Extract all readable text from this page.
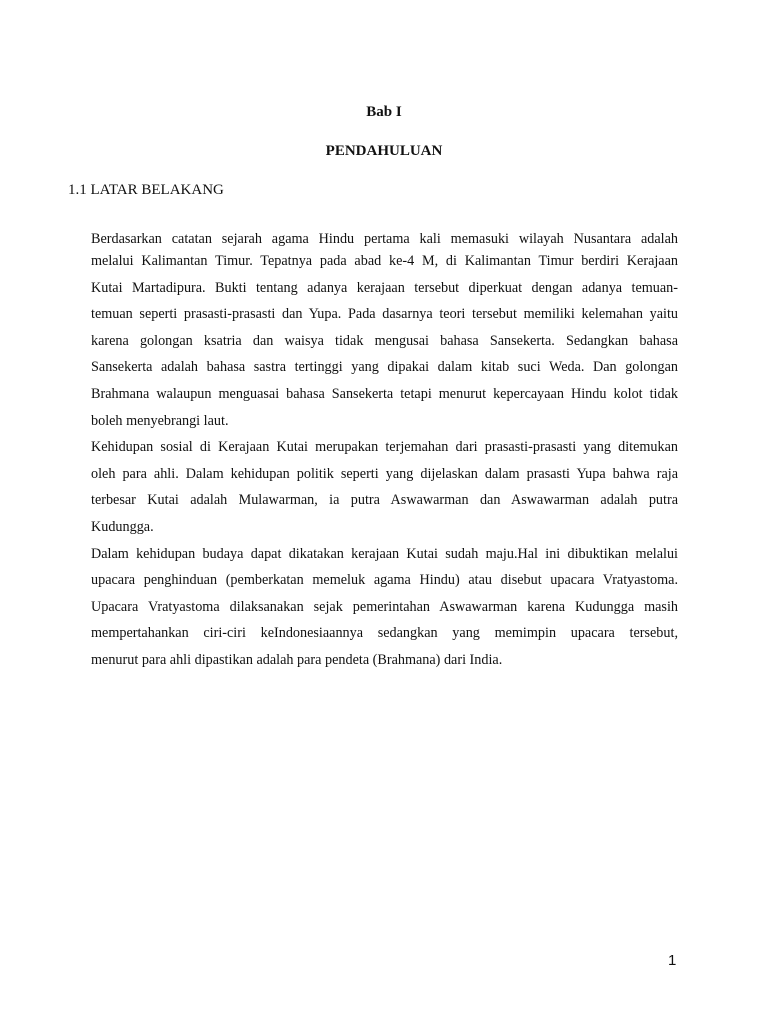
Bab I
PENDAHULUAN
1.1 LATAR BELAKANG
Berdasarkan catatan sejarah agama Hindu pertama kali memasuki wilayah Nusantara adalah
melalui Kalimantan Timur. Tepatnya pada abad ke-4 M, di Kalimantan Timur berdiri Kerajaan
Kutai Martadipura. Bukti tentang adanya kerajaan tersebut diperkuat dengan adanya temuan-
temuan seperti prasasti-prasasti dan Yupa. Pada dasarnya teori tersebut memiliki kelemahan yaitu
karena golongan ksatria dan waisya tidak mengusai bahasa Sansekerta. Sedangkan bahasa
Sansekerta adalah bahasa sastra tertinggi yang dipakai dalam kitab suci Weda. Dan golongan
Brahmana walaupun menguasai bahasa Sansekerta tetapi menurut kepercayaan Hindu kolot tidak
boleh menyebrangi laut.
Kehidupan sosial di Kerajaan Kutai merupakan terjemahan dari prasasti-prasasti yang ditemukan
oleh para ahli. Dalam kehidupan politik seperti yang dijelaskan dalam prasasti Yupa bahwa raja
terbesar Kutai adalah Mulawarman, ia putra Aswawarman dan Aswawarman adalah putra
Kudungga.
Dalam kehidupan budaya dapat dikatakan kerajaan Kutai sudah maju.Hal ini dibuktikan melalui
upacara penghinduan (pemberkatan memeluk agama Hindu) atau disebut upacara Vratyastoma.
Upacara Vratyastoma dilaksanakan sejak pemerintahan Aswawarman karena Kudungga masih
mempertahankan ciri-ciri keIndonesiaannya sedangkan yang memimpin upacara tersebut,
menurut para ahli dipastikan adalah para pendeta (Brahmana) dari India.
1
